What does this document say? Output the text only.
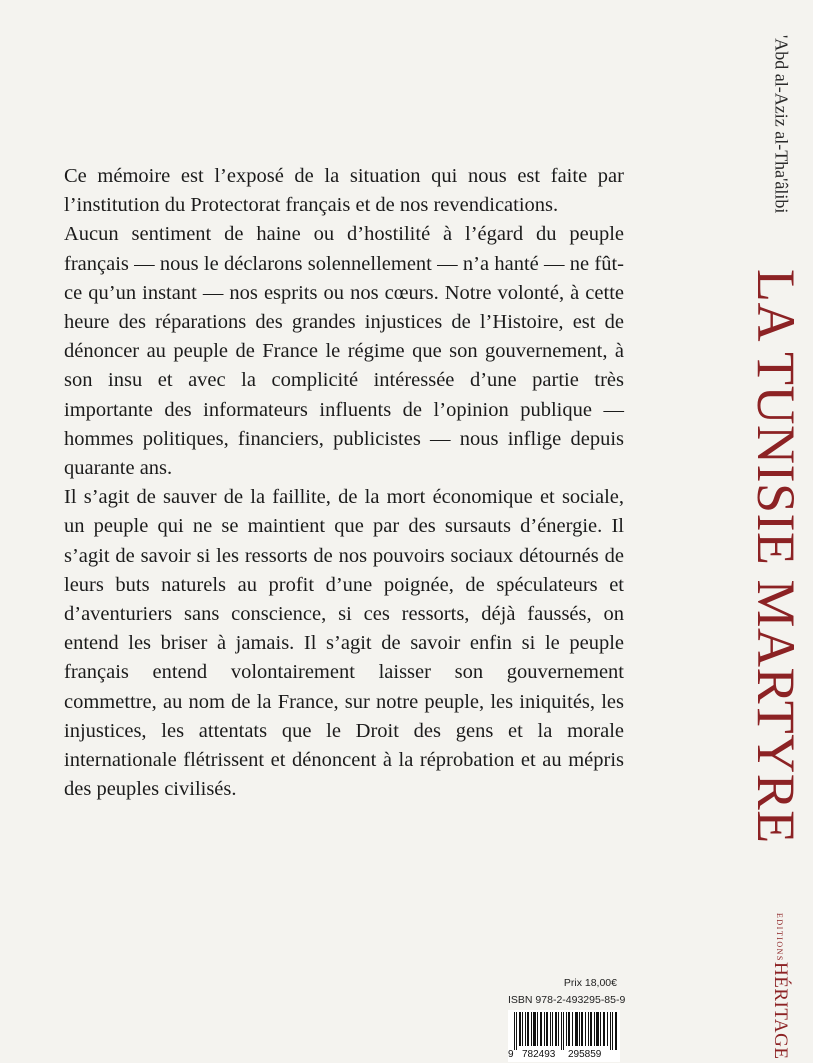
Ce mémoire est l’exposé de la situation qui nous est faite par l’institution du Protectorat français et de nos revendications.

Aucun sentiment de haine ou d’hostilité à l’égard du peuple français — nous le déclarons solennellement — n’a hanté — ne fût-ce qu’un instant — nos esprits ou nos cœurs. Notre volonté, à cette heure des réparations des grandes injustices de l’Histoire, est de dénoncer au peuple de France le régime que son gouvernement, à son insu et avec la complicité intéressée d’une partie très importante des informateurs influents de l’opinion publique — hommes politiques, financiers, publicistes — nous inflige depuis quarante ans.

Il s’agit de sauver de la faillite, de la mort économique et sociale, un peuple qui ne se maintient que par des sursauts d’énergie. Il s’agit de savoir si les ressorts de nos pouvoirs sociaux détournés de leurs buts naturels au profit d’une poignée, de spéculateurs et d’aventuriers sans conscience, si ces ressorts, déjà faussés, on entend les briser à jamais. Il s’agit de savoir enfin si le peuple français entend volontairement laisser son gouvernement commettre, au nom de la France, sur notre peuple, les iniquités, les injustices, les attentats que le Droit des gens et la morale internationale flétrissent et dénoncent à la réprobation et au mépris des peuples civilisés.

'Abd al-Aziz al-Tha'âlibi
LA TUNISIE MARTYRE
HÉRITAGE
EDITIONS
Prix 18,00€
ISBN 978-2-493295-85-9
9 782493 295859
